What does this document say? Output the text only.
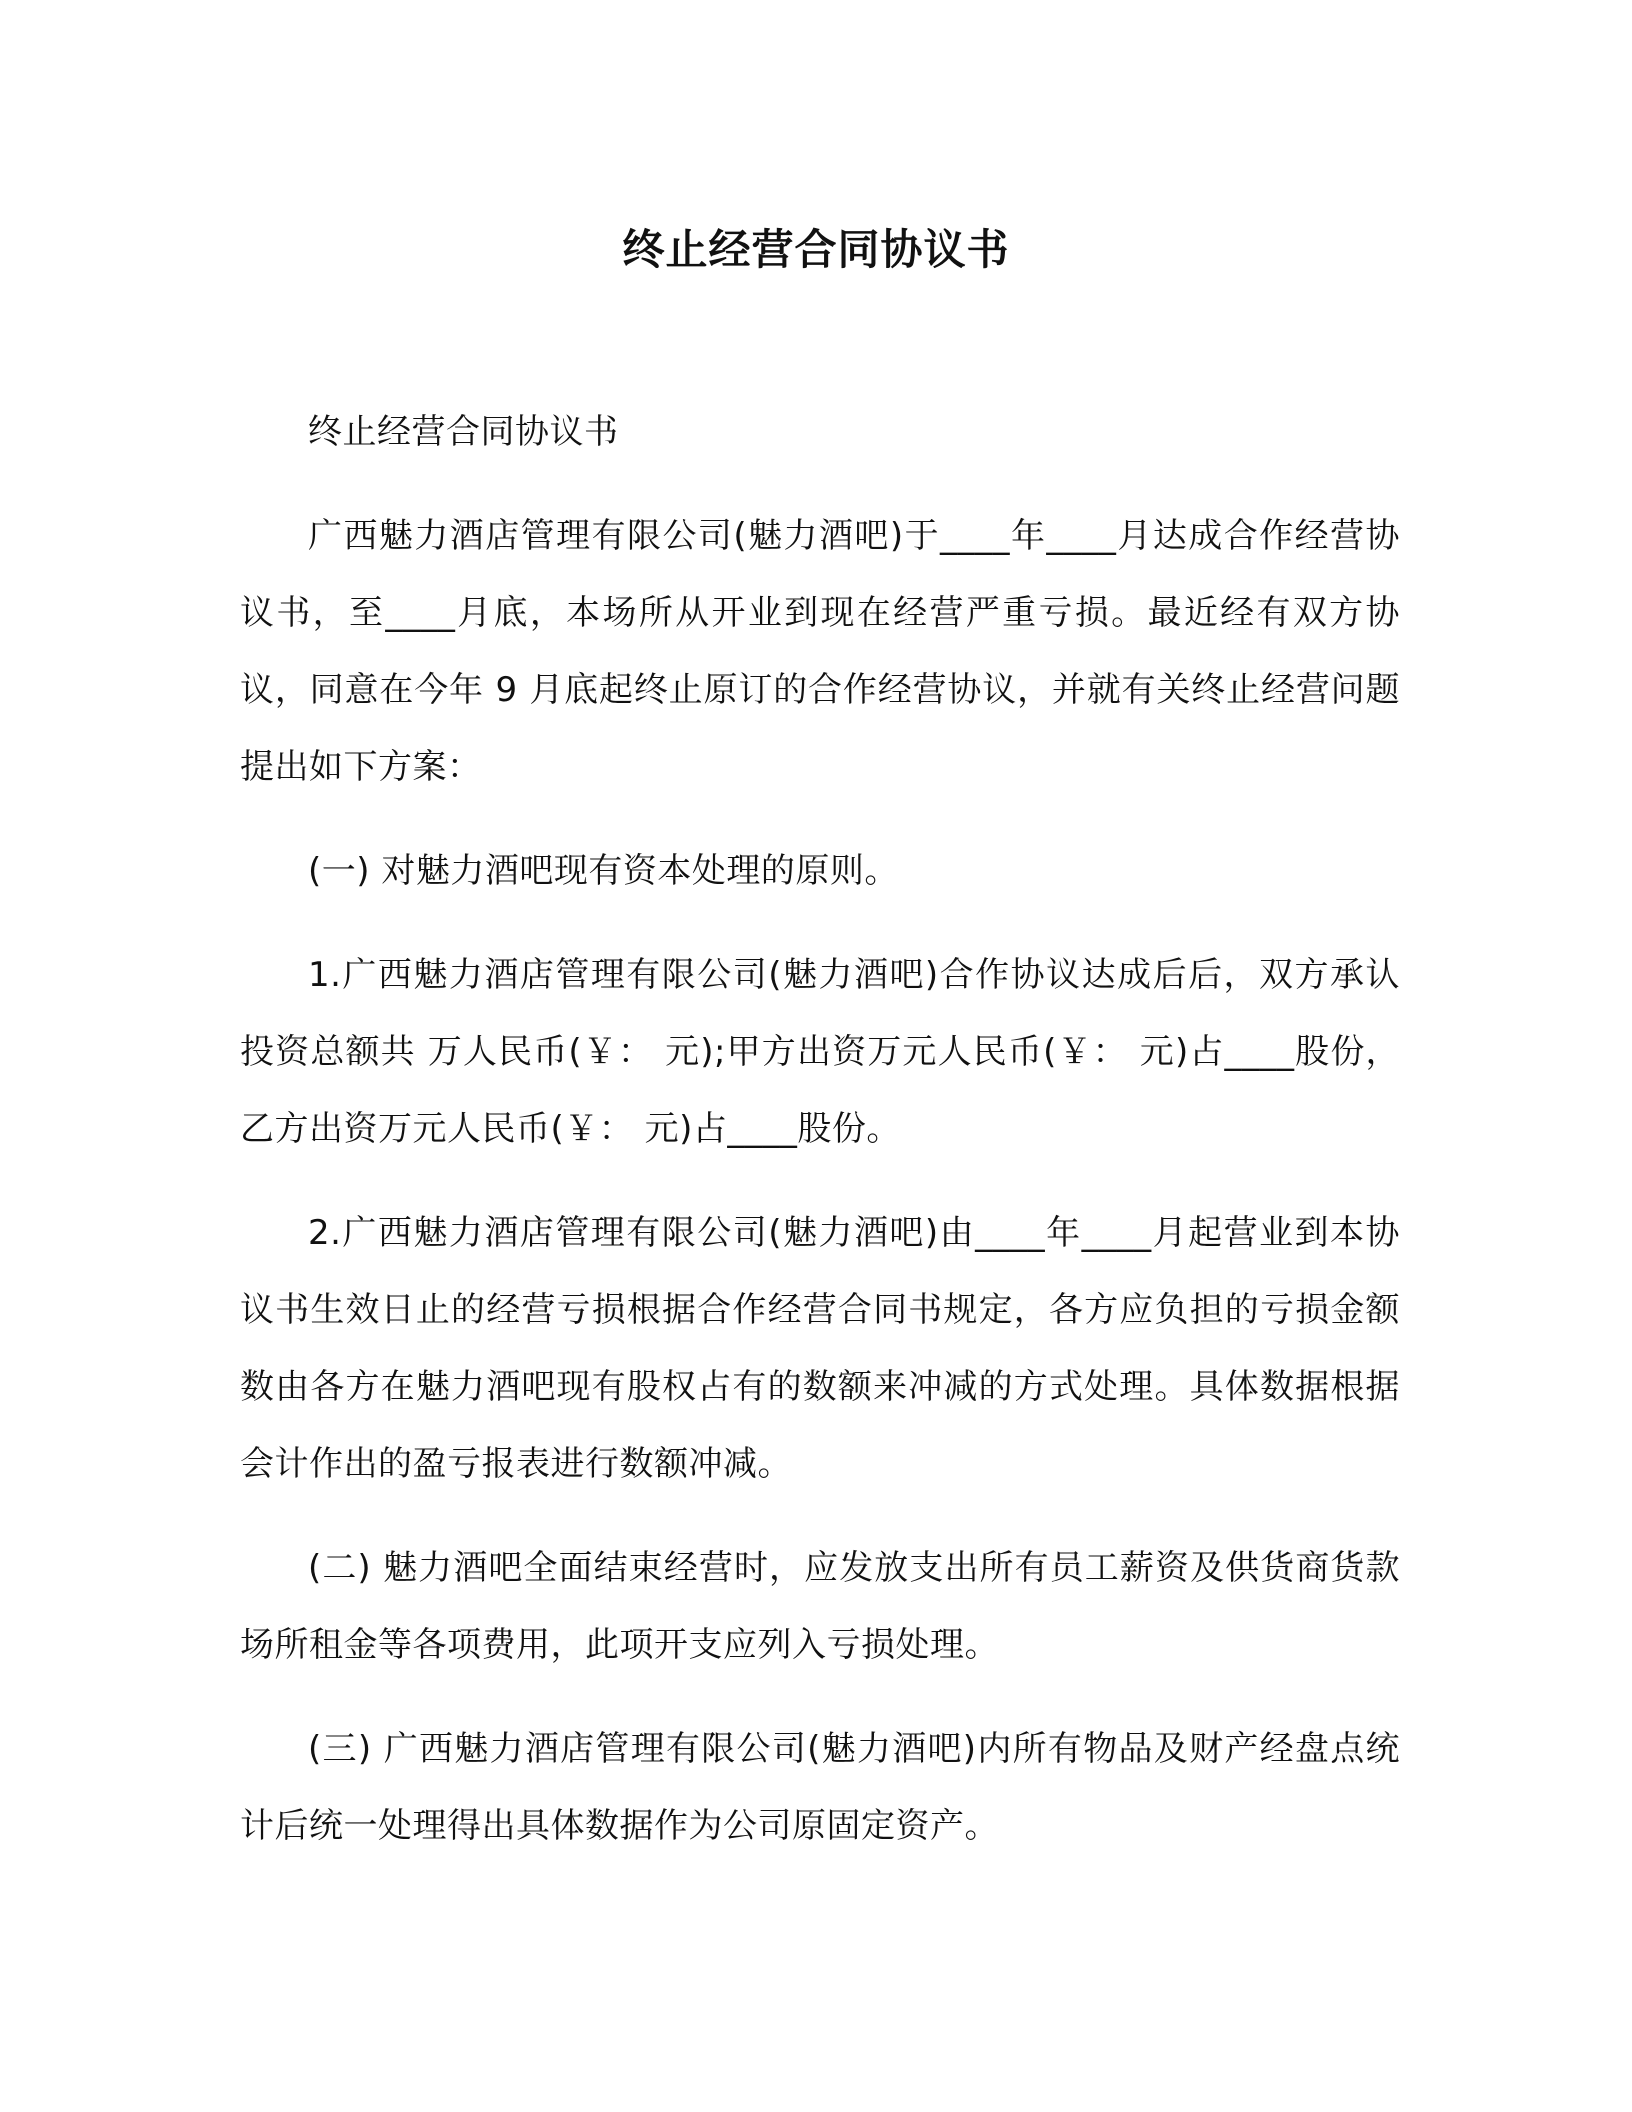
终止经营合同协议书

终止经营合同协议书

广西魅力酒店管理有限公司(魅力酒吧)于____年____月达成合作经营协议书，至____月底，本场所从开业到现在经营严重亏损。最近经有双方协议，同意在今年 9 月底起终止原订的合作经营协议，并就有关终止经营问题提出如下方案：

(一) 对魅力酒吧现有资本处理的原则。

1.广西魅力酒店管理有限公司(魅力酒吧)合作协议达成后后，双方承认投资总额共 万人民币(￥： 元);甲方出资万元人民币(￥： 元)占____股份，乙方出资万元人民币(￥： 元)占____股份。

2.广西魅力酒店管理有限公司(魅力酒吧)由____年____月起营业到本协议书生效日止的经营亏损根据合作经营合同书规定，各方应负担的亏损金额数由各方在魅力酒吧现有股权占有的数额来冲减的方式处理。具体数据根据会计作出的盈亏报表进行数额冲减。

(二) 魅力酒吧全面结束经营时，应发放支出所有员工薪资及供货商货款场所租金等各项费用，此项开支应列入亏损处理。

(三) 广西魅力酒店管理有限公司(魅力酒吧)内所有物品及财产经盘点统计后统一处理得出具体数据作为公司原固定资产。
